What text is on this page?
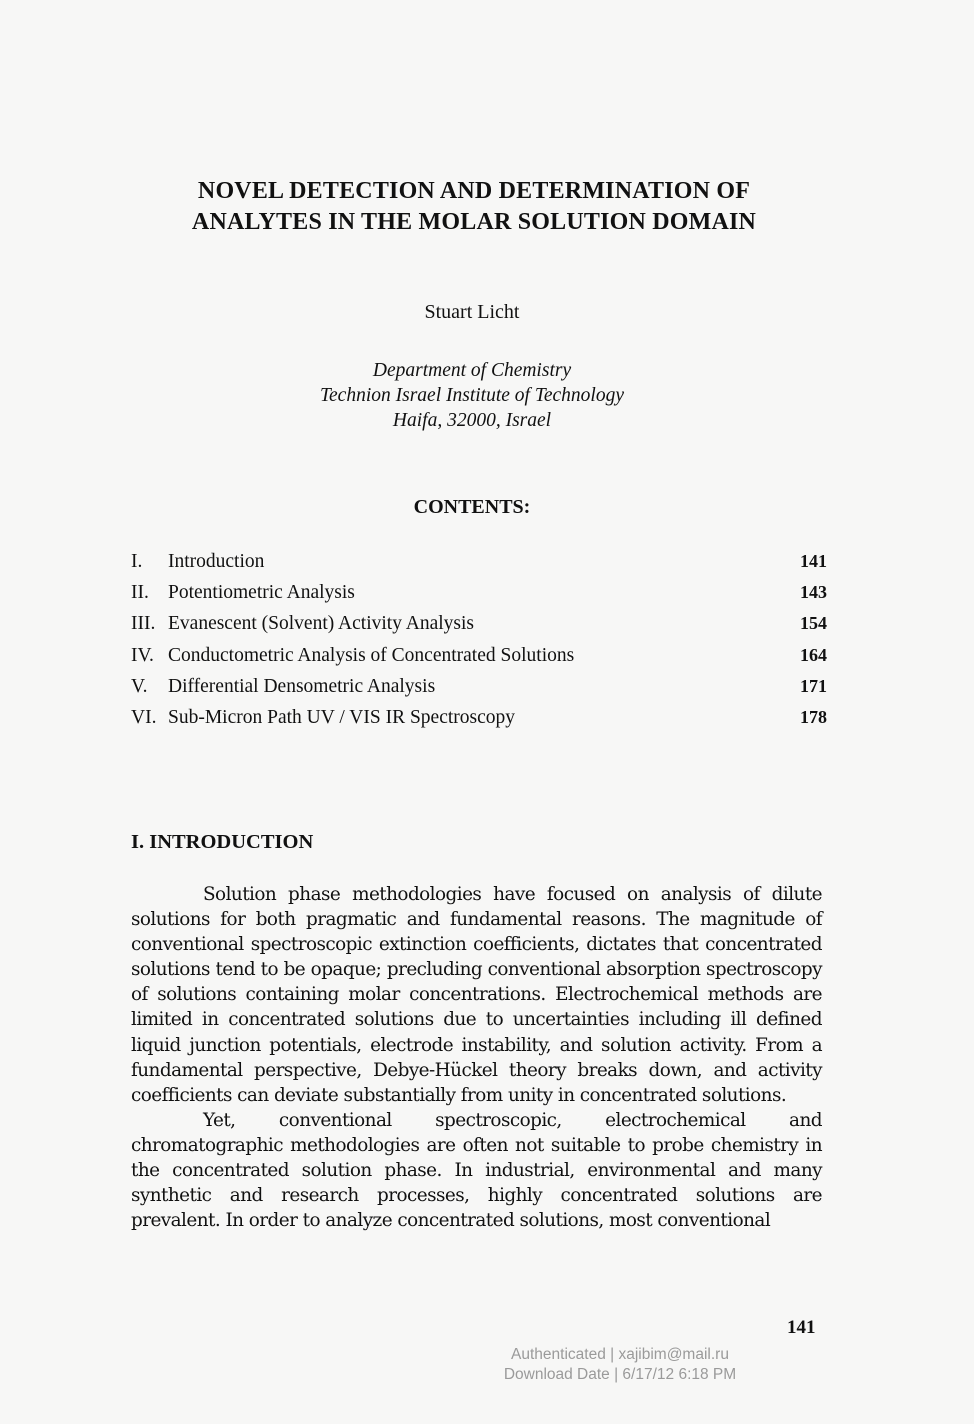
NOVEL DETECTION AND DETERMINATION OF
ANALYTES IN THE MOLAR SOLUTION DOMAIN
Stuart Licht
Department of Chemistry
Technion Israel Institute of Technology
Haifa, 32000, Israel
CONTENTS:
I. Introduction	141
II. Potentiometric Analysis	143
III. Evanescent (Solvent) Activity Analysis	154
IV. Conductometric Analysis of Concentrated Solutions	164
V. Differential Densometric Analysis	171
VI. Sub-Micron Path UV / VIS IR Spectroscopy	178
I. INTRODUCTION

Solution phase methodologies have focused on analysis of dilute solutions for both pragmatic and fundamental reasons. The magnitude of conventional spectroscopic extinction coefficients, dictates that concentrated solutions tend to be opaque; precluding conventional absorption spectroscopy of solutions containing molar concentrations. Electrochemical methods are limited in concentrated solutions due to uncertainties including ill defined liquid junction potentials, electrode instability, and solution activity. From a fundamental perspective, Debye-Hückel theory breaks down, and activity coefficients can deviate substantially from unity in concentrated solutions.

Yet, conventional spectroscopic, electrochemical and chromatographic methodologies are often not suitable to probe chemistry in the concentrated solution phase. In industrial, environmental and many synthetic and research processes, highly concentrated solutions are prevalent. In order to analyze concentrated solutions, most conventional

141
Authenticated | xajibim@mail.ru
Download Date | 6/17/12 6:18 PM
